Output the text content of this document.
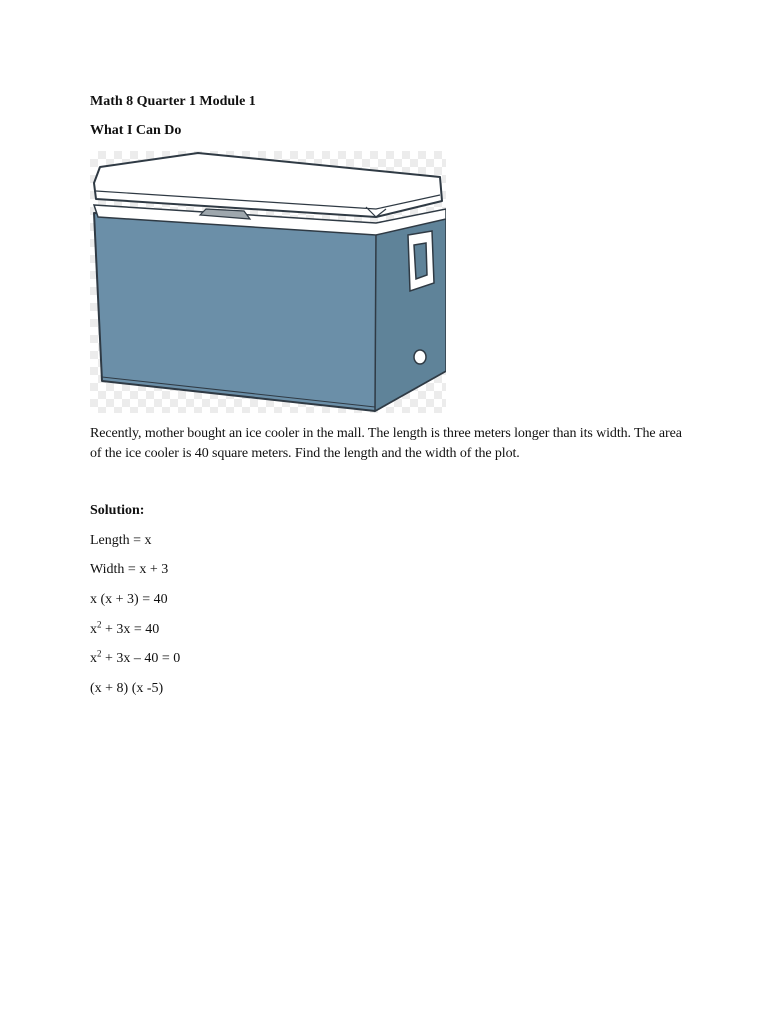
Math 8 Quarter 1 Module 1
What I Can Do
Recently, mother bought an ice cooler in the mall. The length is three meters longer than its width. The area of the ice cooler is 40 square meters. Find the length and the width of the plot.
Solution:
Length = x
Width = x + 3
x (x + 3) = 40
$x^2 + 3x = 40$
$x^2 + 3x - 40 = 0$
(x + 8) (x -5)
